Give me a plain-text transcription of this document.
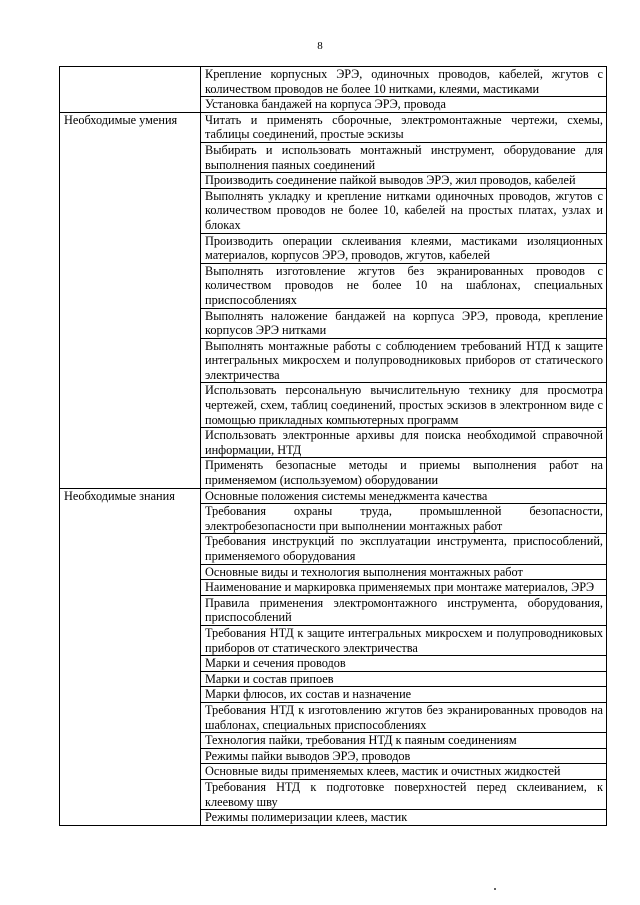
8
	Крепление корпусных ЭРЭ, одиночных проводов, кабелей, жгутов с количеством проводов не более 10 нитками, клеями, мастиками
	Установка бандажей на корпуса ЭРЭ, провода
Необходимые умения	Читать и применять сборочные, электромонтажные чертежи, схемы, таблицы соединений, простые эскизы
	Выбирать и использовать монтажный инструмент, оборудование для выполнения паяных соединений
	Производить соединение пайкой выводов ЭРЭ, жил проводов, кабелей
	Выполнять укладку и крепление нитками одиночных проводов, жгутов с количеством проводов не более 10, кабелей на простых платах, узлах и блоках
	Производить операции склеивания клеями, мастиками изоляционных материалов, корпусов ЭРЭ, проводов, жгутов, кабелей
	Выполнять изготовление жгутов без экранированных проводов с количеством проводов не более 10 на шаблонах, специальных приспособлениях
	Выполнять наложение бандажей на корпуса ЭРЭ, провода, крепление корпусов ЭРЭ нитками
	Выполнять монтажные работы с соблюдением требований НТД к защите интегральных микросхем и полупроводниковых приборов от статического электричества
	Использовать персональную вычислительную технику для просмотра чертежей, схем, таблиц соединений, простых эскизов в электронном виде с помощью прикладных компьютерных программ
	Использовать электронные архивы для поиска необходимой справочной информации, НТД
	Применять безопасные методы и приемы выполнения работ на применяемом (используемом) оборудовании
Необходимые знания	Основные положения системы менеджмента качества
	Требования охраны труда, промышленной безопасности, электробезопасности при выполнении монтажных работ
	Требования инструкций по эксплуатации инструмента, приспособлений, применяемого оборудования
	Основные виды и технология выполнения монтажных работ
	Наименование и маркировка применяемых при монтаже материалов, ЭРЭ
	Правила применения электромонтажного инструмента, оборудования, приспособлений
	Требования НТД к защите интегральных микросхем и полупроводниковых приборов от статического электричества
	Марки и сечения проводов
	Марки и состав припоев
	Марки флюсов, их состав и назначение
	Требования НТД к изготовлению жгутов без экранированных проводов на шаблонах, специальных приспособлениях
	Технология пайки, требования НТД к паяным соединениям
	Режимы пайки выводов ЭРЭ, проводов
	Основные виды применяемых клеев, мастик и очистных жидкостей
	Требования НТД к подготовке поверхностей перед склеиванием, к клеевому шву
	Режимы полимеризации клеев, мастик
